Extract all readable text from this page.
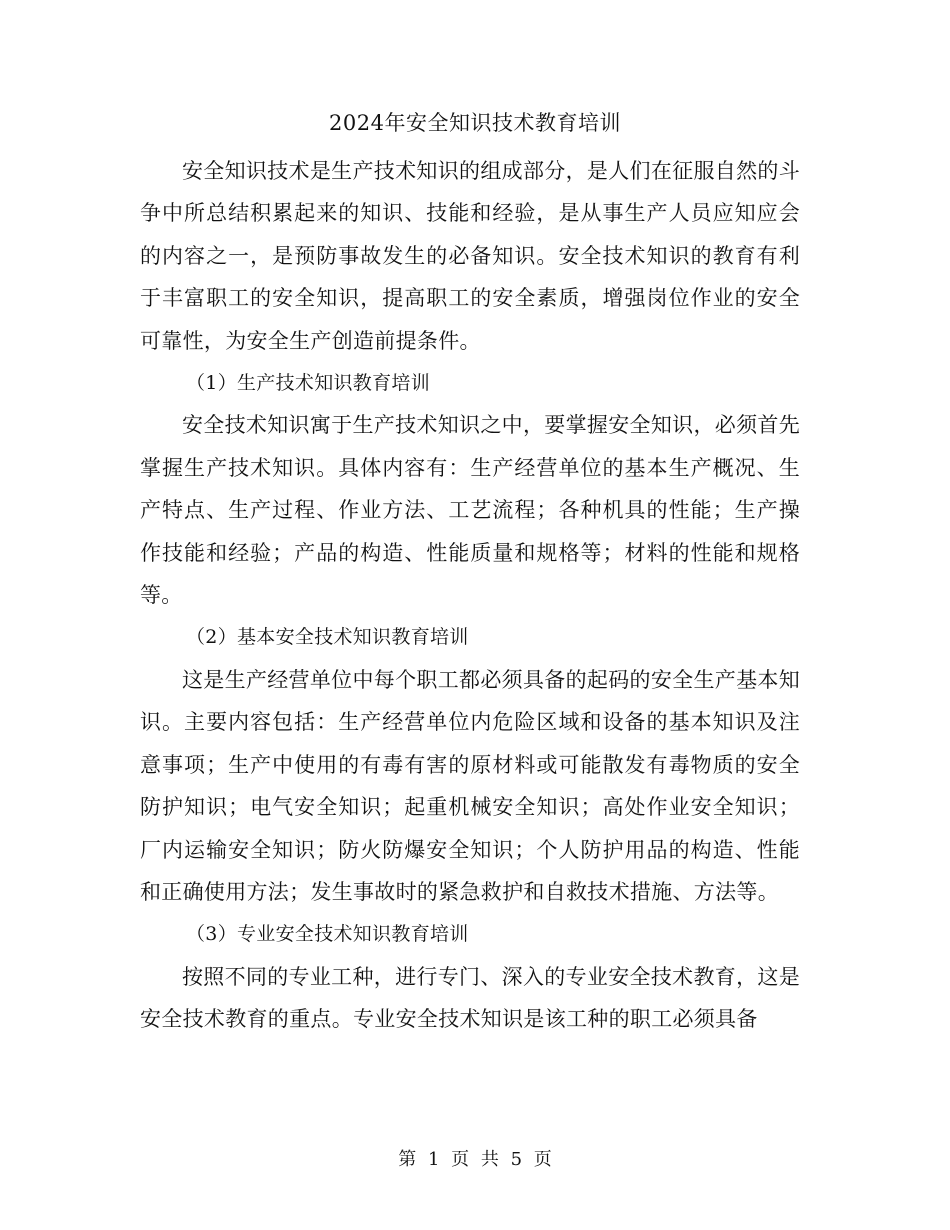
2024年安全知识技术教育培训

安全知识技术是生产技术知识的组成部分，是人们在征服自然的斗争中所总结积累起来的知识、技能和经验，是从事生产人员应知应会的内容之一，是预防事故发生的必备知识。安全技术知识的教育有利于丰富职工的安全知识，提高职工的安全素质，增强岗位作业的安全可靠性，为安全生产创造前提条件。

（1）生产技术知识教育培训

安全技术知识寓于生产技术知识之中，要掌握安全知识，必须首先掌握生产技术知识。具体内容有：生产经营单位的基本生产概况、生产特点、生产过程、作业方法、工艺流程；各种机具的性能；生产操作技能和经验；产品的构造、性能质量和规格等；材料的性能和规格等。

（2）基本安全技术知识教育培训

这是生产经营单位中每个职工都必须具备的起码的安全生产基本知识。主要内容包括：生产经营单位内危险区域和设备的基本知识及注意事项；生产中使用的有毒有害的原材料或可能散发有毒物质的安全防护知识；电气安全知识；起重机械安全知识；高处作业安全知识；厂内运输安全知识；防火防爆安全知识；个人防护用品的构造、性能和正确使用方法；发生事故时的紧急救护和自救技术措施、方法等。

（3）专业安全技术知识教育培训

按照不同的专业工种，进行专门、深入的专业安全技术教育，这是安全技术教育的重点。专业安全技术知识是该工种的职工必须具备

第 1 页 共 5 页
